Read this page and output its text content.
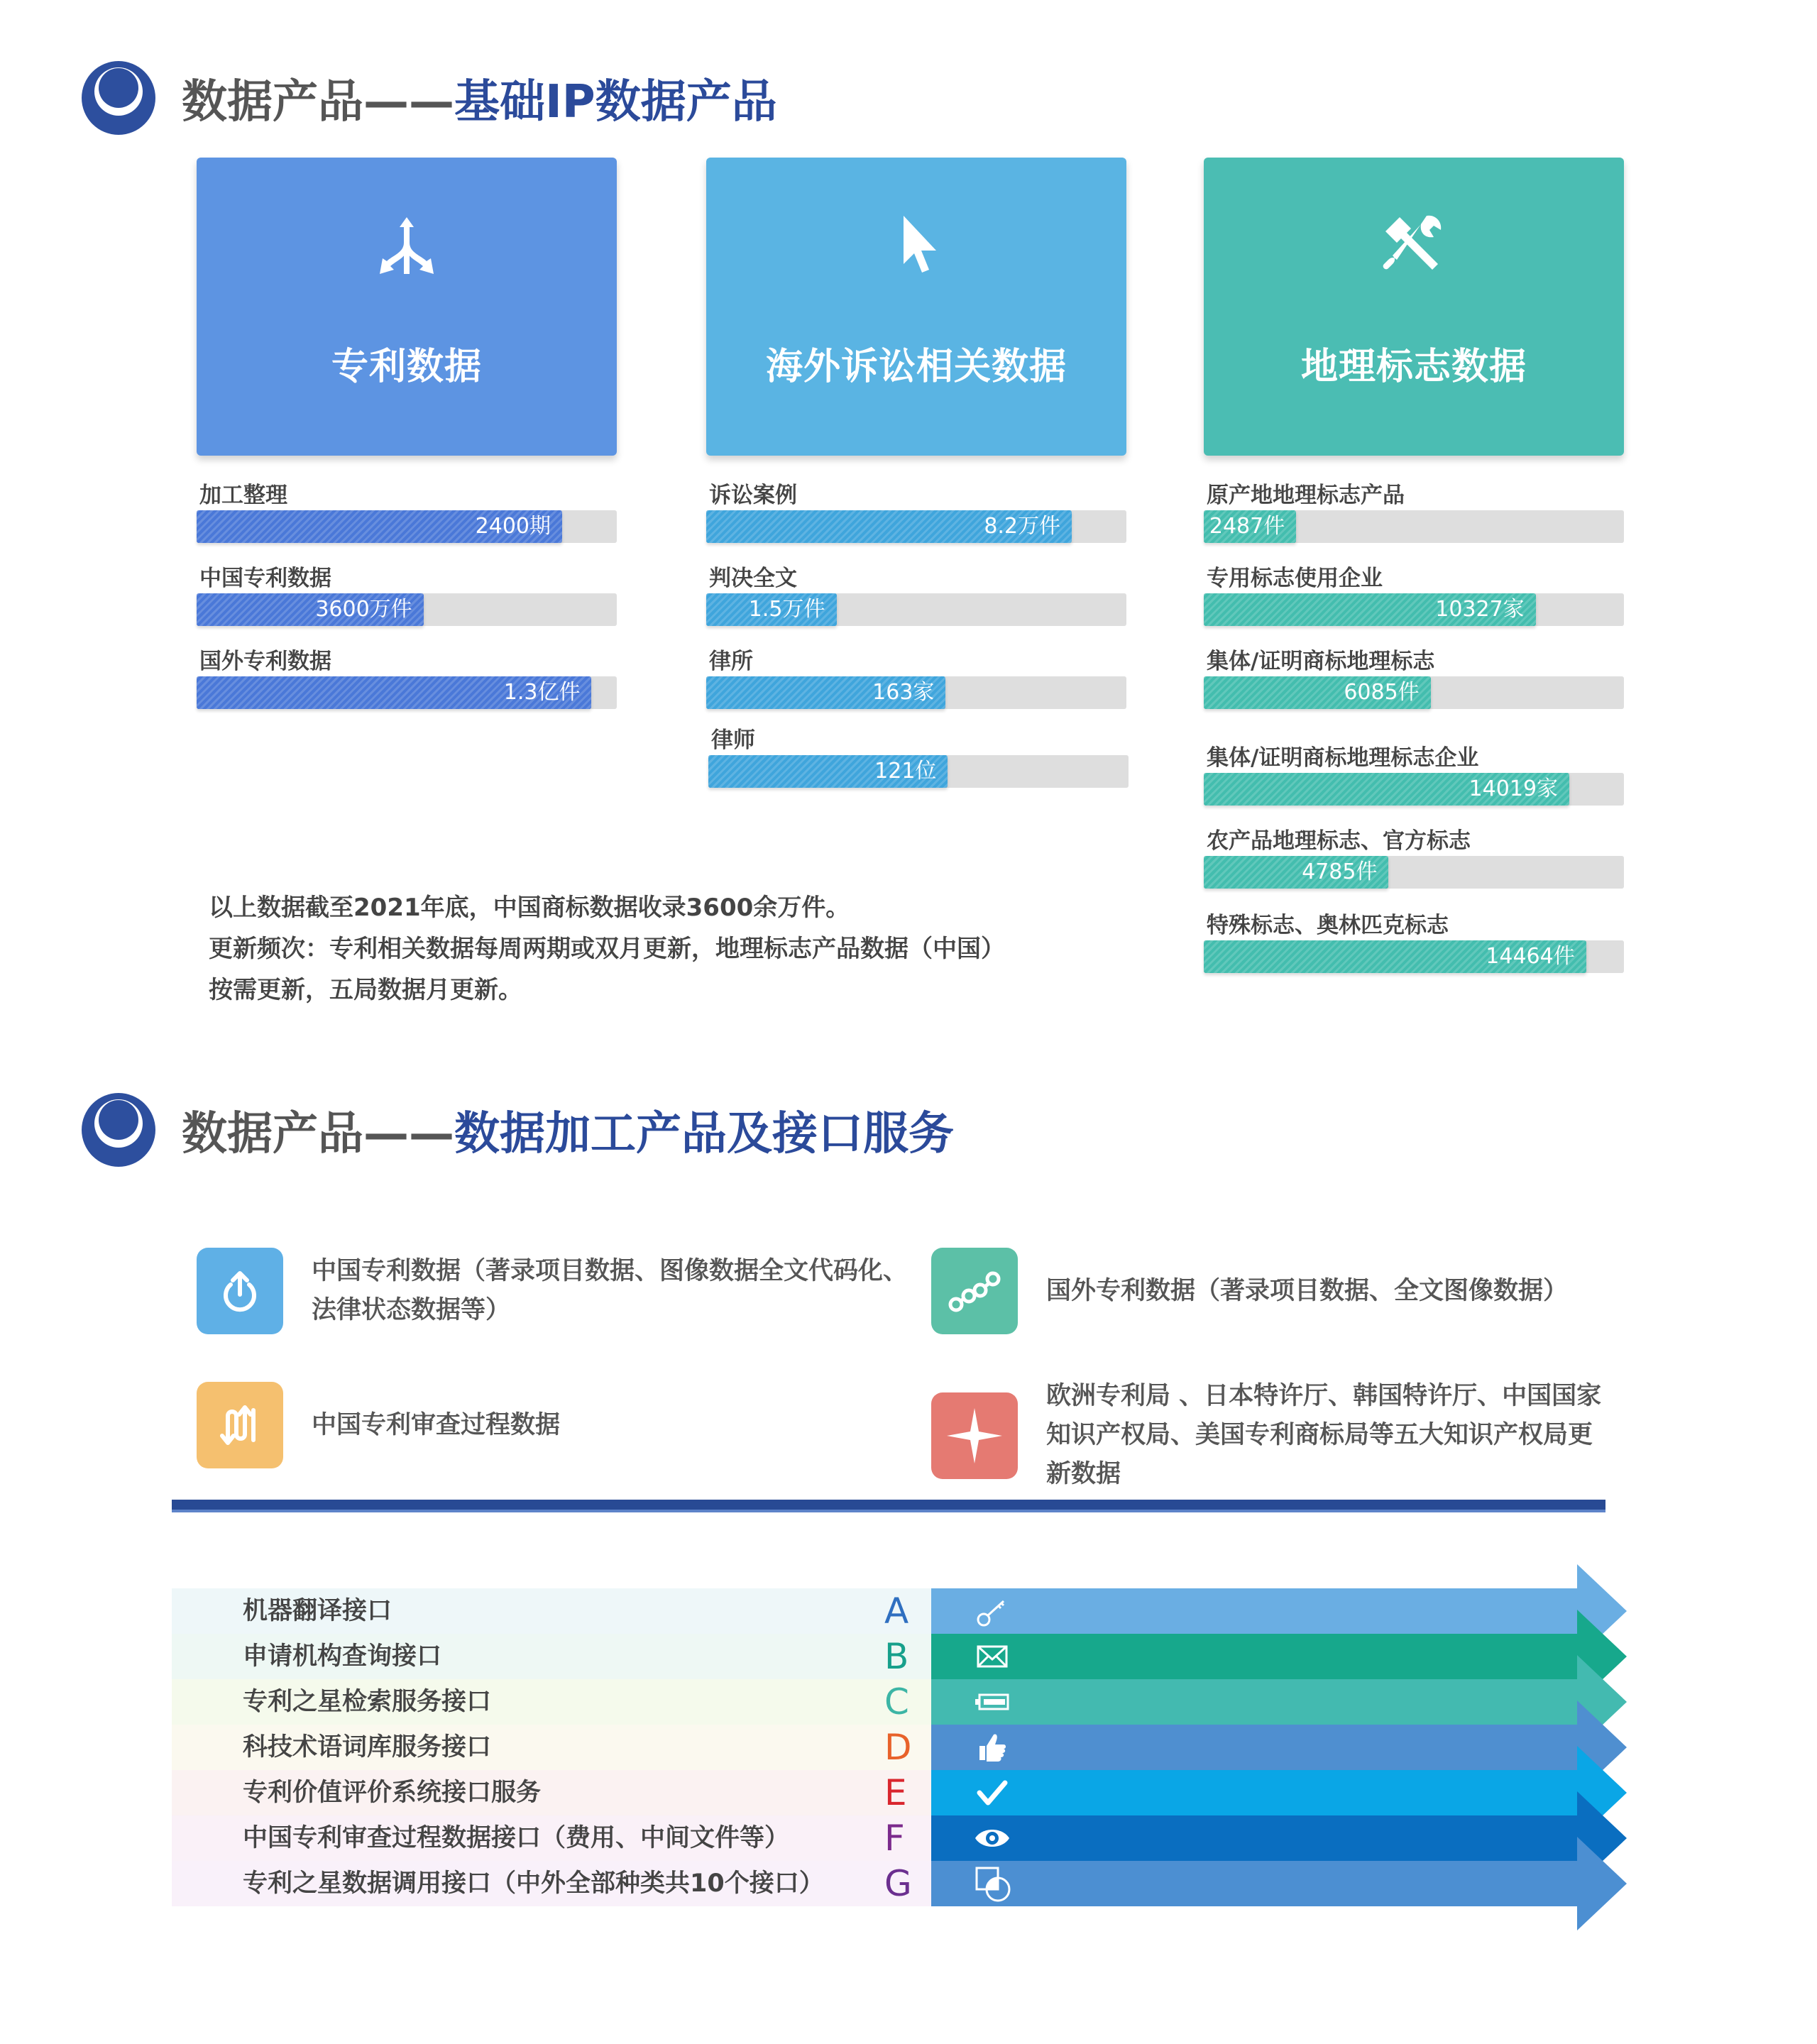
数据产品—— 基础IP数据产品
专利数据	海外诉讼相关数据	地理标志数据
加工整理
2400期
中国专利数据
3600万件
国外专利数据
1.3亿件
诉讼案例
8.2万件
判决全文
1.5万件
律所
163家
律师
121位
原产地地理标志产品
2487件
专用标志使用企业
10327家
集体/证明商标地理标志
6085件
集体/证明商标地理标志企业
14019家
农产品地理标志、官方标志
4785件
特殊标志、奥林匹克标志
14464件
以上数据截至2021年底，中国商标数据收录3600余万件。
更新频次：专利相关数据每周两期或双月更新，地理标志产品数据（中国）
按需更新，五局数据月更新。
数据产品—— 数据加工产品及接口服务
中国专利数据（著录项目数据、图像数据全文代码化、法律状态数据等）
国外专利数据（著录项目数据、全文图像数据）
中国专利审查过程数据
欧洲专利局 、日本特许厅、韩国特许厅、中国国家知识产权局、美国专利商标局等五大知识产权局更新数据
机器翻译接口	A
申请机构查询接口	B
专利之星检索服务接口	C
科技术语词库服务接口	D
专利价值评价系统接口服务	E
中国专利审查过程数据接口（费用、中间文件等）	F
专利之星数据调用接口（中外全部种类共10个接口） G
